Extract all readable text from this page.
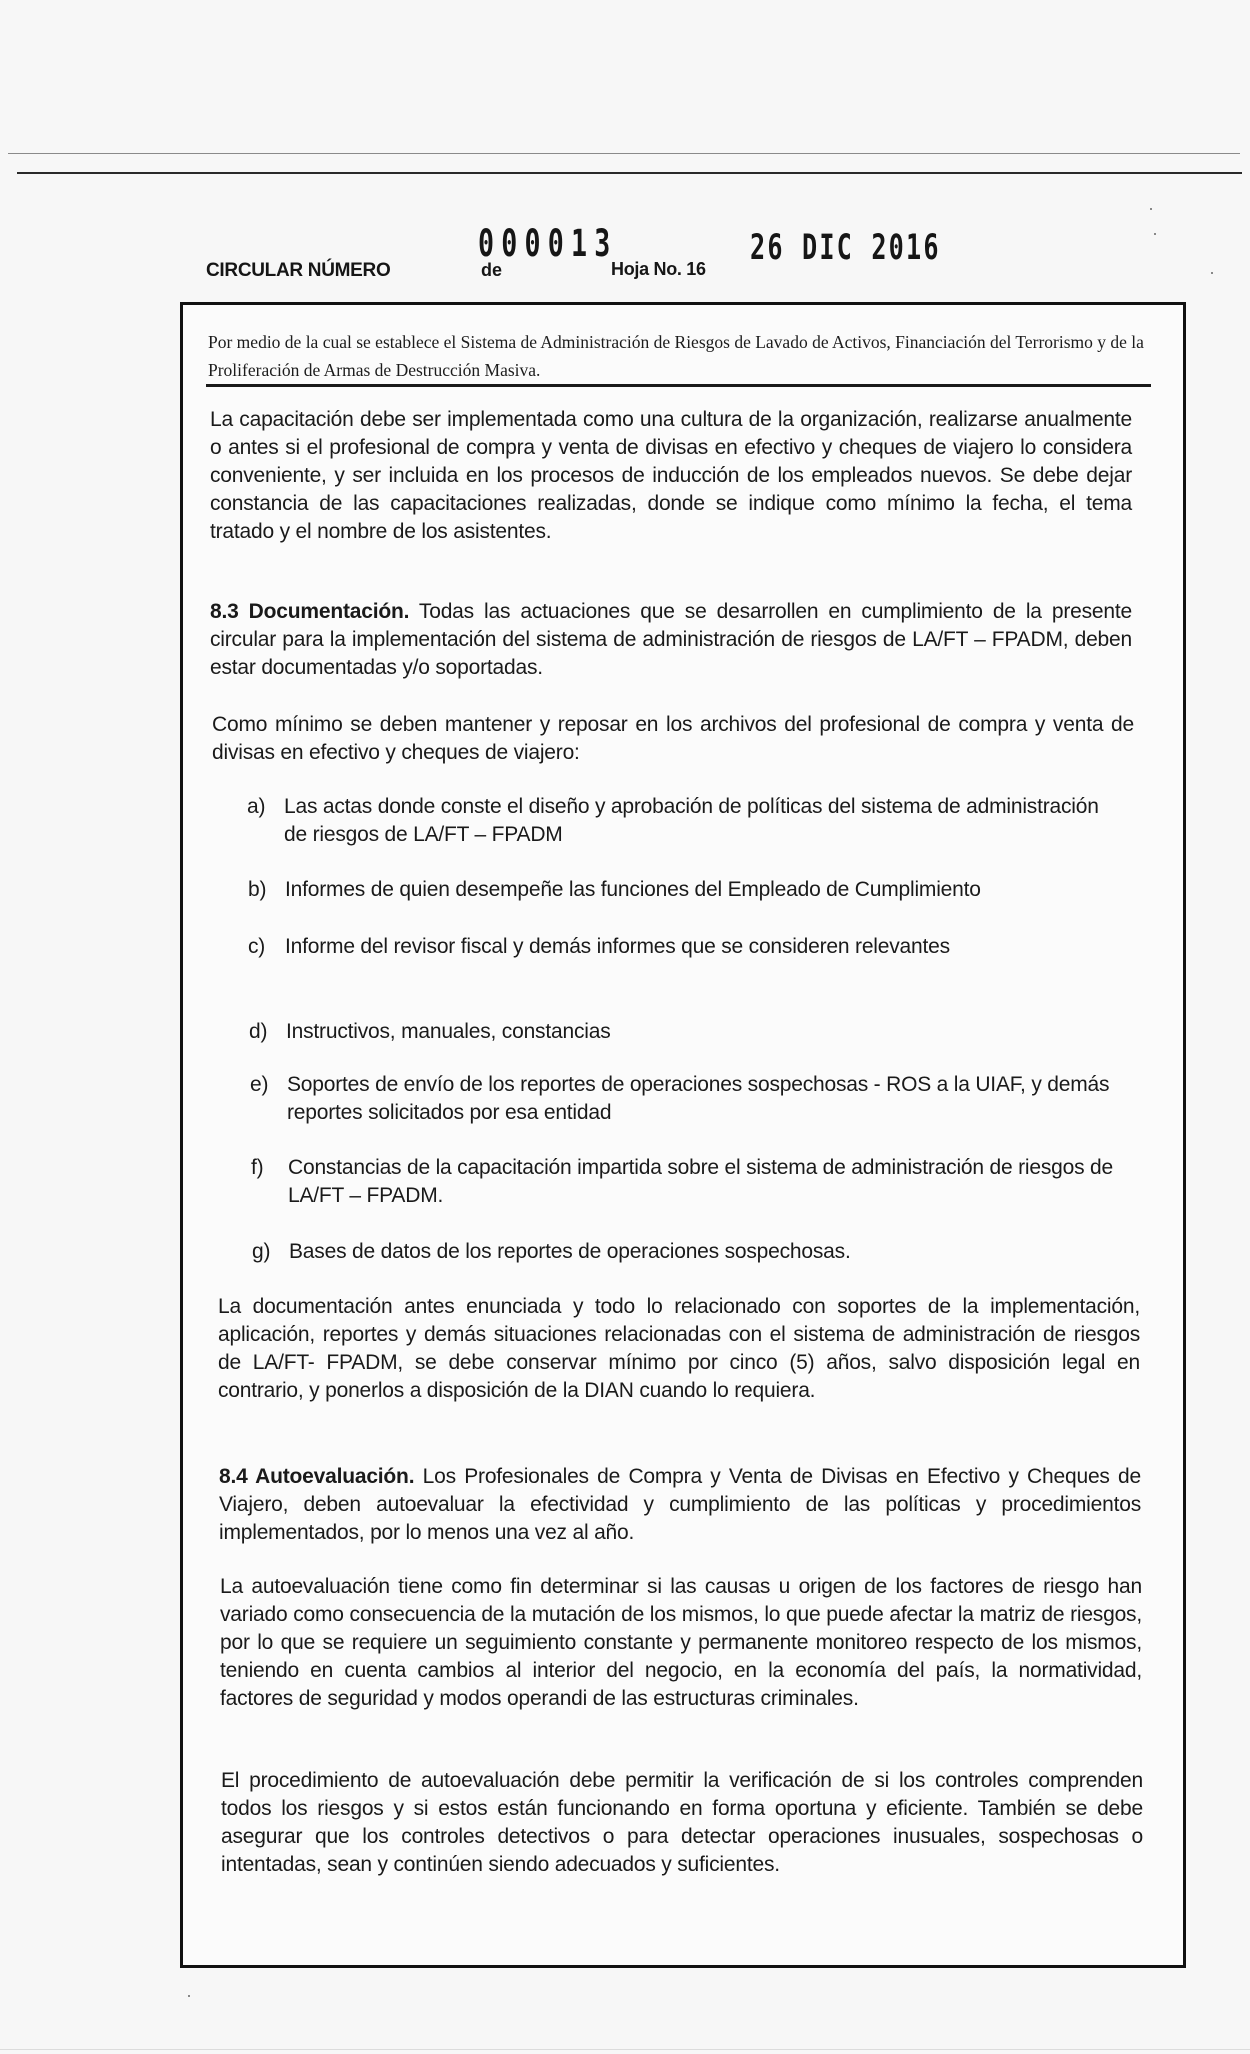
CIRCULAR NÚMERO
000013
de	Hoja No. 16
26 DIC 2016
Por medio de la cual se establece el Sistema de Administración de Riesgos de Lavado de Activos, Financiación del Terrorismo y de la Proliferación de Armas de Destrucción Masiva.
La capacitación debe ser implementada como una cultura de la organización, realizarse anualmente o antes si el profesional de compra y venta de divisas en efectivo y cheques de viajero lo considera conveniente, y ser incluida en los procesos de inducción de los empleados nuevos. Se debe dejar constancia de las capacitaciones realizadas, donde se indique como mínimo la fecha, el tema tratado y el nombre de los asistentes.
8.3 Documentación. Todas las actuaciones que se desarrollen en cumplimiento de la presente circular para la implementación del sistema de administración de riesgos de LA/FT – FPADM, deben estar documentadas y/o soportadas.
Como mínimo se deben mantener y reposar en los archivos del profesional de compra y venta de divisas en efectivo y cheques de viajero:
a) Las actas donde conste el diseño y aprobación de políticas del sistema de administración de riesgos de LA/FT – FPADM
b) Informes de quien desempeñe las funciones del Empleado de Cumplimiento
c) Informe del revisor fiscal y demás informes que se consideren relevantes
d) Instructivos, manuales, constancias
e) Soportes de envío de los reportes de operaciones sospechosas - ROS a la UIAF, y demás reportes solicitados por esa entidad
f) Constancias de la capacitación impartida sobre el sistema de administración de riesgos de LA/FT – FPADM.
g) Bases de datos de los reportes de operaciones sospechosas.
La documentación antes enunciada y todo lo relacionado con soportes de la implementación, aplicación, reportes y demás situaciones relacionadas con el sistema de administración de riesgos de LA/FT- FPADM, se debe conservar mínimo por cinco (5) años, salvo disposición legal en contrario, y ponerlos a disposición de la DIAN cuando lo requiera.
8.4 Autoevaluación. Los Profesionales de Compra y Venta de Divisas en Efectivo y Cheques de Viajero, deben autoevaluar la efectividad y cumplimiento de las políticas y procedimientos implementados, por lo menos una vez al año.
La autoevaluación tiene como fin determinar si las causas u origen de los factores de riesgo han variado como consecuencia de la mutación de los mismos, lo que puede afectar la matriz de riesgos, por lo que se requiere un seguimiento constante y permanente monitoreo respecto de los mismos, teniendo en cuenta cambios al interior del negocio, en la economía del país, la normatividad, factores de seguridad y modos operandi de las estructuras criminales.
El procedimiento de autoevaluación debe permitir la verificación de si los controles comprenden todos los riesgos y si estos están funcionando en forma oportuna y eficiente. También se debe asegurar que los controles detectivos o para detectar operaciones inusuales, sospechosas o intentadas, sean y continúen siendo adecuados y suficientes.
